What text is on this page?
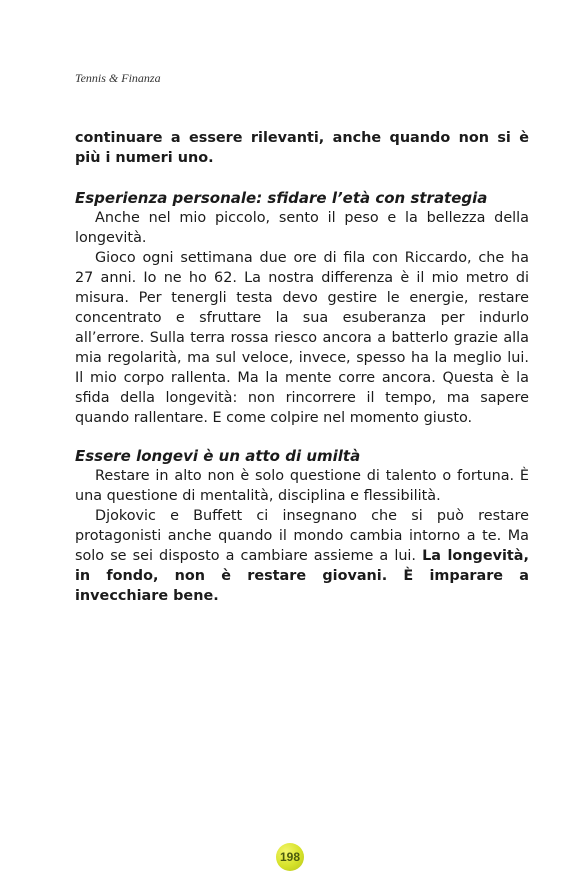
Tennis & Finanza

continuare a essere rilevanti, anche quando non si è più i numeri uno.

Esperienza personale: sfidare l’età con strategia

Anche nel mio piccolo, sento il peso e la bellezza della longevità.

Gioco ogni settimana due ore di fila con Riccardo, che ha 27 anni. Io ne ho 62. La nostra differenza è il mio metro di misura. Per tenergli testa devo gestire le energie, restare concentrato e sfruttare la sua esuberanza per indurlo all’errore. Sulla terra rossa riesco ancora a batterlo grazie alla mia regolarità, ma sul veloce, invece, spesso ha la meglio lui. Il mio corpo rallenta. Ma la mente corre ancora. Questa è la sfida della longevità: non rincorrere il tempo, ma sapere quando rallentare. E come colpire nel momento giusto.

Essere longevi è un atto di umiltà

Restare in alto non è solo questione di talento o fortuna. È una questione di mentalità, disciplina e flessibilità.

Djokovic e Buffett ci insegnano che si può restare protagonisti anche quando il mondo cambia intorno a te. Ma solo se sei disposto a cambiare assieme a lui. La longevità, in fondo, non è restare giovani. È imparare a invecchiare bene.

198
